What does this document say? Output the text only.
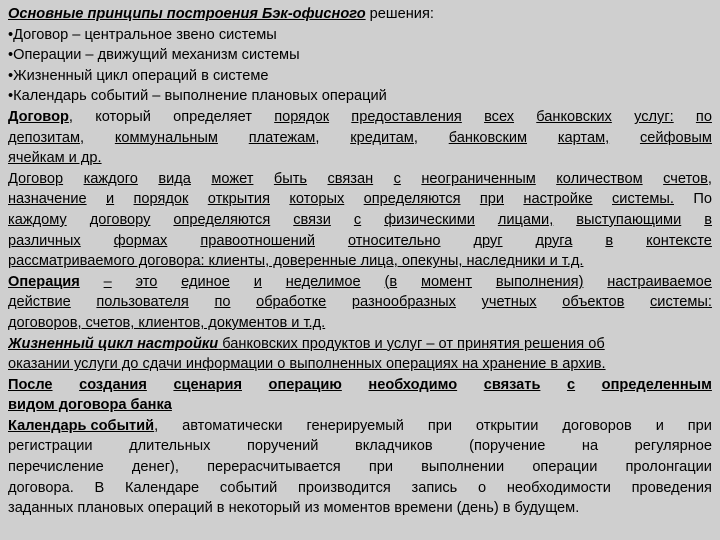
Основные принципы построения Бэк-офисного решения:
•Договор – центральное звено системы
•Операции – движущий механизм системы
•Жизненный цикл операций в системе
•Календарь событий – выполнение плановых операций
Договор, который определяет порядок предоставления всех банковских услуг: по
депозитам, коммунальным платежам, кредитам, банковским картам, сейфовым
ячейкам и др.
Договор каждого вида может быть связан с неограниченным количеством счетов,
назначение и порядок открытия которых определяются при настройке системы. По
каждому договору определяются связи с физическими лицами, выступающими в
различных формах правоотношений относительно друг друга в контексте
рассматриваемого договора: клиенты, доверенные лица, опекуны, наследники и т.д.
Операция – это единое и неделимое (в момент выполнения) настраиваемое
действие пользователя по обработке разнообразных учетных объектов системы:
договоров, счетов, клиентов, документов и т.д.
Жизненный цикл настройки банковских продуктов и услуг – от принятия решения об
оказании услуги до сдачи информации о выполненных операциях на хранение в архив.
После создания сценария операцию необходимо связать с определенным
видом договора банка
Календарь событий, автоматически генерируемый при открытии договоров и при
регистрации	длительных	поручений	вкладчиков	(поручение	на	регулярное
перечисление денег), перерасчитывается при выполнении операции пролонгации
договора. В Календаре событий производится запись о необходимости проведения
заданных плановых операций в некоторый из моментов времени (день) в будущем.
